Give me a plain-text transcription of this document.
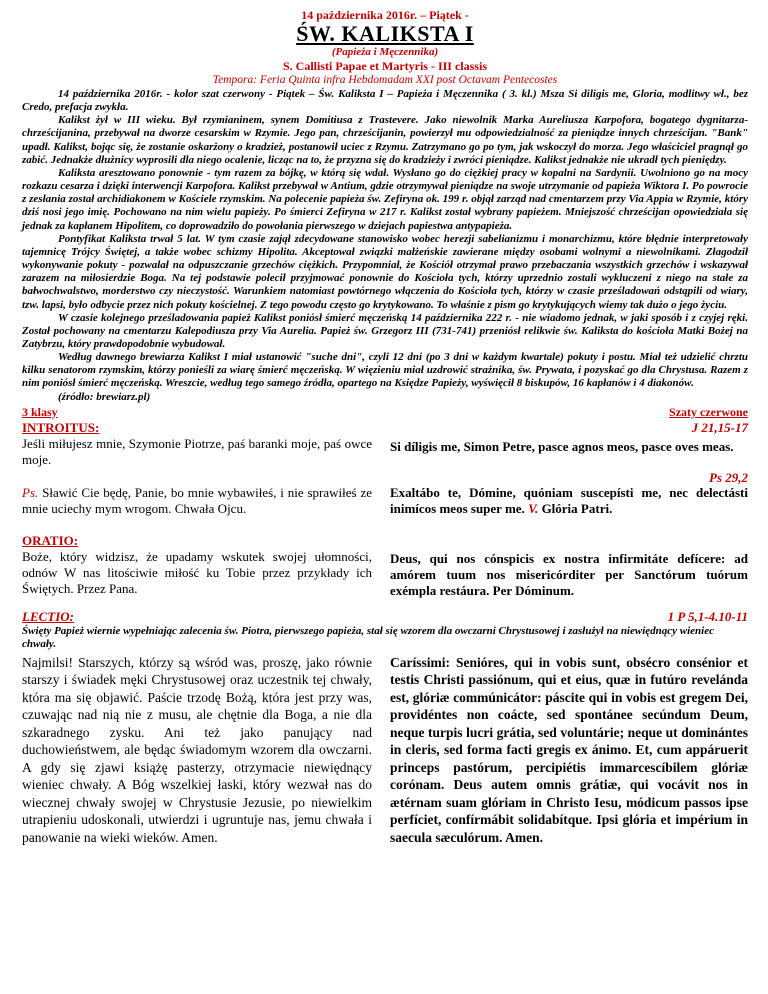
14 października 2016r. – Piątek -
ŚW. KALIKSTA I
(Papieża i Męczennika)
S. Callisti Papae et Martyris - III classis
Tempora: Feria Quinta infra Hebdomadam XXI post Octavam Pentecostes

14 października 2016r. - kolor szat czerwony - Piątek – Św. Kaliksta I – Papieża i Męczennika ( 3. kl.) Msza Si diligis me, Gloria, modlitwy wł., bez Credo, prefacja zwykła.

Kalikst żył w III wieku. Był rzymianinem, synem Domitiusa z Trastevere. Jako niewolnik Marka Aureliusza Karpofora, bogatego dygnitarza-chrześcijanina, przebywał na dworze cesarskim w Rzymie. Jego pan, chrześcijanin, powierzył mu odpowiedzialność za pieniądze innych chrześcijan. "Bank" upadł. Kalikst, bojąc się, że zostanie oskarżony o kradzież, postanowił uciec z Rzymu. Zatrzymano go po tym, jak wskoczył do morza. Jego właściciel pragnął go zabić. Jednakże dłużnicy wyprosili dla niego ocalenie, licząc na to, że przyzna się do kradzieży i zwróci pieniądze. Kalikst jednakże nie ukradł tych pieniędzy.

Kaliksta aresztowano ponownie - tym razem za bójkę, w którą się wdał. Wysłano go do ciężkiej pracy w kopalni na Sardynii. Uwolniono go na mocy rozkazu cesarza i dzięki interwencji Karpofora. Kalikst przebywał w Antium, gdzie otrzymywał pieniądze na swoje utrzymanie od papieża Wiktora I. Po powrocie z zesłania został archidiakonem w Kościele rzymskim. Na polecenie papieża św. Zefiryna ok. 199 r. objął zarząd nad cmentarzem przy Via Appia w Rzymie, który dziś nosi jego imię. Pochowano na nim wielu papieży. Po śmierci Zefiryna w 217 r. Kalikst został wybrany papieżem. Mniejszość chrześcijan opowiedziała się jednak za kapłanem Hipolitem, co doprowadziło do powołania pierwszego w dziejach papiestwa antypapieża.

Pontyfikat Kaliksta trwał 5 lat. W tym czasie zajął zdecydowane stanowisko wobec herezji sabelianizmu i monarchizmu, które błędnie interpretowały tajemnicę Trójcy Świętej, a także wobec schizmy Hipolita. Akceptował związki małżeńskie zawierane między osobami wolnymi a niewolnikami. Złagodził wykonywanie pokuty - pozwalał na odpuszczanie grzechów ciężkich. Przypomniał, że Kościół otrzymał prawo przebaczania wszystkich grzechów i wskazywał zarazem na miłosierdzie Boga. Na tej podstawie polecił przyjmować ponownie do Kościoła tych, którzy uprzednio zostali wykluczeni z niego na stałe za bałwochwalstwo, morderstwo czy nieczystość. Warunkiem natomiast powtórnego włączenia do Kościoła tych, którzy w czasie prześladowań odstąpili od wiary, tzw. lapsi, było odbycie przez nich pokuty kościelnej. Z tego powodu często go krytykowano. To właśnie z pism go krytykujących wiemy tak dużo o jego życiu.

W czasie kolejnego prześladowania papież Kalikst poniósł śmierć męczeńską 14 października 222 r. - nie wiadomo jednak, w jaki sposób i z czyjej ręki. Został pochowany na cmentarzu Kalepodiusza przy Via Aurelia. Papież św. Grzegorz III (731-741) przeniósł relikwie św. Kaliksta do kościoła Matki Bożej na Zatybrzu, który prawdopodobnie wybudował.

Według dawnego brewiarza Kalikst I miał ustanowić "suche dni", czyli 12 dni (po 3 dni w każdym kwartale) pokuty i postu. Miał też udzielić chrztu kilku senatorom rzymskim, którzy ponieśli za wiarę śmierć męczeńską. W więzieniu miał uzdrowić strażnika, św. Prywata, i pozyskać go dla Chrystusa. Razem z nim poniósł śmierć męczeńską. Wreszcie, według tego samego źródła, opartego na Księdze Papieży, wyświęcił 8 biskupów, 16 kapłanów i 4 diakonów.

(źródło: brewiarz.pl)

3 klasy	Szaty czerwone
INTROITUS:	J 21,15-17
Jeśli miłujesz mnie, Szymonie Piotrze, paś baranki moje, paś owce moje.
Si díligis me, Simon Petre, pasce agnos meos, pasce oves meas.
Ps 29,2
Ps. Sławić Cie będę, Panie, bo mnie wybawiłeś, i nie sprawiłeś ze mnie uciechy mym wrogom. Chwała Ojcu.
Exaltábo te, Dómine, quóniam suscepísti me, nec delectásti inimícos meos super me. V. Glória Patri.
ORATIO:
Boże, który widzisz, że upadamy wskutek swojej ułomności, odnów W nas litościwie miłość ku Tobie przez przykłady ich Świętych. Przez Pana.
Deus, qui nos cónspicis ex nostra infirmitáte defícere: ad amórem tuum nos misericórditer per Sanctórum tuórum exémpla restáura. Per Dóminum.
LECTIO:	1 P 5,1-4.10-11
Święty Papież wiernie wypełniając zalecenia św. Piotra, pierwszego papieża, stał się wzorem dla owczarni Chrystusowej i zasłużył na niewiędnący wieniec chwały.
Najmilsi! Starszych, którzy są wśród was, proszę, jako równie starszy i świadek męki Chrystusowej oraz uczestnik tej chwały, która ma się objawić. Paście trzodę Bożą, która jest przy was, czuwając nad nią nie z musu, ale chętnie dla Boga, a nie dla szkaradnego zysku. Ani też jako panujący nad duchowieństwem, ale będąc świadomym wzorem dla owczarni. A gdy się zjawi książę pasterzy, otrzymacie niewiędnący wieniec chwały. A Bóg wszelkiej łaski, który wezwał nas do wiecznej chwały swojej w Chrystusie Jezusie, po niewielkim utrapieniu udoskonali, utwierdzi i ugruntuje nas, jemu chwała i panowanie na wieki wieków. Amen.
Caríssimi: Senióres, qui in vobis sunt, obsécro consénior et testis Christi passiónum, qui et eius, quæ in futúro revelánda est, glóriæ commúnicátor: páscite qui in vobis est gregem Dei, providéntes non coácte, sed spontánee secúndum Deum, neque turpis lucri grátia, sed voluntárie; neque ut dominántes in cleris, sed forma facti gregis ex ánimo. Et, cum appáruerit princeps pastórum, percipiétis immarcescíbilem glóriæ corónam. Deus autem omnis grátiæ, qui vocávit nos in ætérnam suam glóriam in Christo Iesu, módicum passos ipse perfíciet, confírmábit solidabítque. Ipsi glória et impérium in saecula sæculórum. Amen.
